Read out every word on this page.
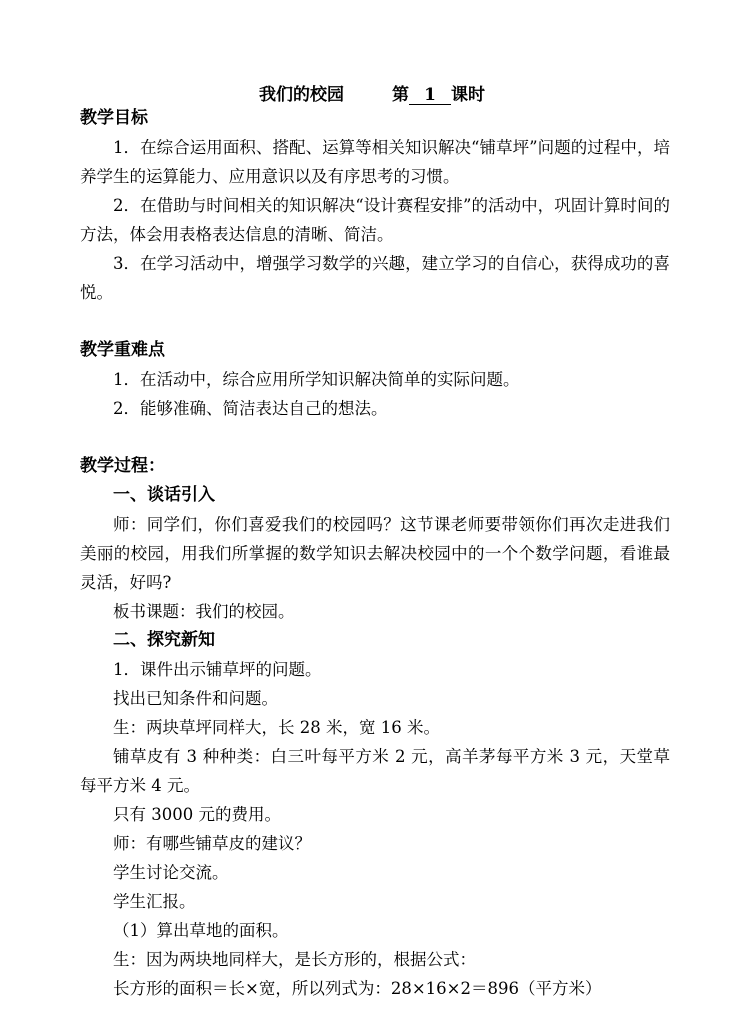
我们的校园	第 1 课时
教学目标
1．在综合运用面积、搭配、运算等相关知识解决“铺草坪”问题的过程中，培养学生的运算能力、应用意识以及有序思考的习惯。
2．在借助与时间相关的知识解决“设计赛程安排”的活动中，巩固计算时间的方法，体会用表格表达信息的清晰、简洁。
3．在学习活动中，增强学习数学的兴趣，建立学习的自信心，获得成功的喜悦。
教学重难点
1．在活动中，综合应用所学知识解决简单的实际问题。
2．能够准确、简洁表达自己的想法。
教学过程：
一、谈话引入
师：同学们，你们喜爱我们的校园吗？这节课老师要带领你们再次走进我们美丽的校园，用我们所掌握的数学知识去解决校园中的一个个数学问题，看谁最灵活，好吗?
板书课题：我们的校园。
二、探究新知
1．课件出示铺草坪的问题。
找出已知条件和问题。
生：两块草坪同样大，长 28 米，宽 16 米。
铺草皮有 3 种种类：白三叶每平方米 2 元，高羊茅每平方米 3 元，天堂草每平方米 4 元。
只有 3000 元的费用。
师：有哪些铺草皮的建议？
学生讨论交流。
学生汇报。
（1）算出草地的面积。
生：因为两块地同样大，是长方形的，根据公式：
长方形的面积＝长×宽，所以列式为：28×16×2＝896（平方米）
